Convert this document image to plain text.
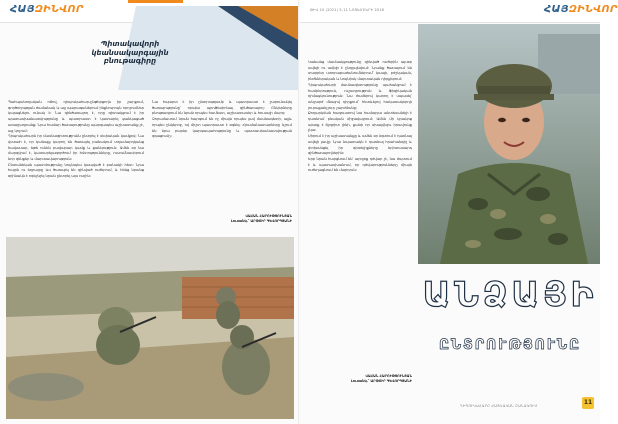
ՀԱՅԶԻՆՎՈՐ
Պիտակավորի
կեանսակարգային
բնութագիրը
Պահպանողական ոճով, դիպուկահար-ընթերցողն իր շարքում, գործողության ժամանակ և այլ պարագաներում ինքնուրույն որոշումներ կայացնելու ունակ է։ Նա զինծառայող է, որը գիտակցում է իր պատասխանատվությունը և պատրաստ է կատարել ցանկացած առաջադրանք։ Նրա համար ծառայությունը պարզապես աշխատանք չէ, այլ կոչում։
Դիպուկահարն իր մասնագիտությունն ընտրել է սեփական կամքով։ Նա վստահ է, որ կանայք կարող են ծառայել բանակում տղամարդկանց հավասար, եթե ունեն բավարար կամք և ցանկություն։ Ամեն օր նա մարզվում է, կատարելագործում իր հմտությունները, ուսումնասիրում նոր զենքեր և մարտավարություն։
Ընտանեկան պատմությունը նույնպես կապված է բանակի հետ։ Նրա հայրն ու եղբայրը ևս ծառայել են զինված ուժերում, և հենց նրանց օրինակն է ոգեշնչել նրան ընտրել այս ուղին։
Նա հպարտ է իր ընտրությամբ և պատրաստ է շարունակել ծառայությունը՝ որպես պրոֆեսիոնալ զինծառայող։ Ընկերները բնութագրում են նրան որպես համեստ, աշխատասեր և հուսալի մարդ։
Զորամասում նրան հարգում են ոչ միայն որպես լավ մասնագետի, այլև որպես ընկերոջ, ով միշտ պատրաստ է օգնել։ Հրամանատարները նշում են նրա բարձր կարգապահությունը և պատասխանատվության զգացումը։
ՎԱՀԱՆ ՀԱՐՈՒԹՅՈՒՆՅԱՆ
Լուսանկ.՝ ԱՐԹՈՒՐ ԳԵՎՈՐԳՅԱՆԻ
ԹԻՎ 10 (2021) 5-11 ՆՈՅԵՄԲԵՐԻ 2018	ՀԱՅԶԻՆՎՈՐ
Կանանց մասնակցությունը զինված ուժերին այսօր ավելի ու ավելի է ընդլայնվում։ Նրանք ծառայում են տարբեր ստորաբաժանումներում՝ կապի, բժշկական, ինժեներական և նույնիսկ մարտական դիրքերում։
Դիպուկահարի մասնագիտությունը պահանջում է համբերություն, ուշադրություն և ֆիզիկական դիմացկունություն։ Նա ժամերով կարող է սպասել՝ անշարժ մնալով դիրքում՝ հետևելով հակառակորդի յուրաքանչյուր շարժմանը։
Քողարկման հագուստով նա համարյա անտեսանելի է դառնում բնական միջավայրում։ Ամեն մի կրակոց պետք է ճշգրիտ լինի, քանի որ սխալվելու իրավունք չկա։
Սիրում է իր աշխատանքը և ամեն օր ձգտում է դառնալ ավելի լավը։ Նրա նպատակն է դառնալ հրահանգիչ և փոխանցել իր գիտելիքները երիտասարդ զինծառայողներին։
Երբ նրան հարցնում են՝ արդյոք դժվար չէ, նա ժպտում է և պատասխանում, որ դժվարությունները միայն ուժեղացնում են մարդուն։
ՎԱՀԱՆ ՀԱՐՈՒԹՅՈՒՆՅԱՆ
Լուսանկ.՝ ԱՐԹՈՒՐ ԳԵՎՈՐԳՅԱՆԻ
ԱՆՁԱՅԻ
ԸՆՏՐՈՒԹՅՈՒՆԸ
ԴԻՊՈՒԿԱՀԱՐԸ ՀԱՅԿԱԿԱՆ ԲԱՆԱԿՈՒՄ	11
